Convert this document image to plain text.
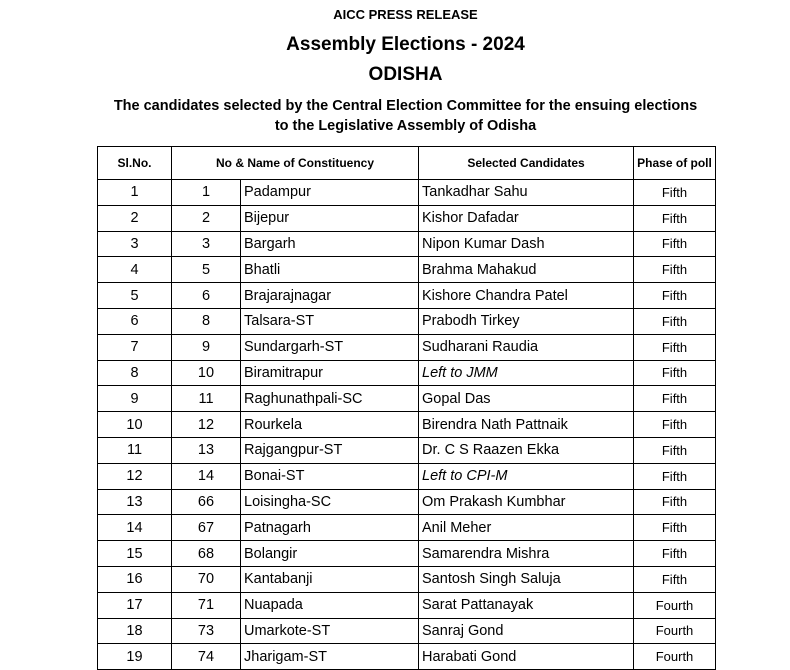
AICC PRESS RELEASE
Assembly Elections - 2024
ODISHA
The candidates selected by the Central Election Committee for the ensuing elections
to the Legislative Assembly of Odisha
Sl.No.	No & Name of Constituency		Selected Candidates	Phase of poll
1	1	Padampur	Tankadhar Sahu	Fifth
2	2	Bijepur	Kishor Dafadar	Fifth
3	3	Bargarh	Nipon Kumar Dash	Fifth
4	5	Bhatli	Brahma Mahakud	Fifth
5	6	Brajarajnagar	Kishore Chandra Patel	Fifth
6	8	Talsara-ST	Prabodh Tirkey	Fifth
7	9	Sundargarh-ST	Sudharani Raudia	Fifth
8	10	Biramitrapur	Left to JMM	Fifth
9	11	Raghunathpali-SC	Gopal Das	Fifth
10	12	Rourkela	Birendra Nath Pattnaik	Fifth
11	13	Rajgangpur-ST	Dr. C S Raazen Ekka	Fifth
12	14	Bonai-ST	Left to CPI-M	Fifth
13	66	Loisingha-SC	Om Prakash Kumbhar	Fifth
14	67	Patnagarh	Anil Meher	Fifth
15	68	Bolangir	Samarendra Mishra	Fifth
16	70	Kantabanji	Santosh Singh Saluja	Fifth
17	71	Nuapada	Sarat Pattanayak	Fourth
18	73	Umarkote-ST	Sanraj Gond	Fourth
19	74	Jharigam-ST	Harabati Gond	Fourth
